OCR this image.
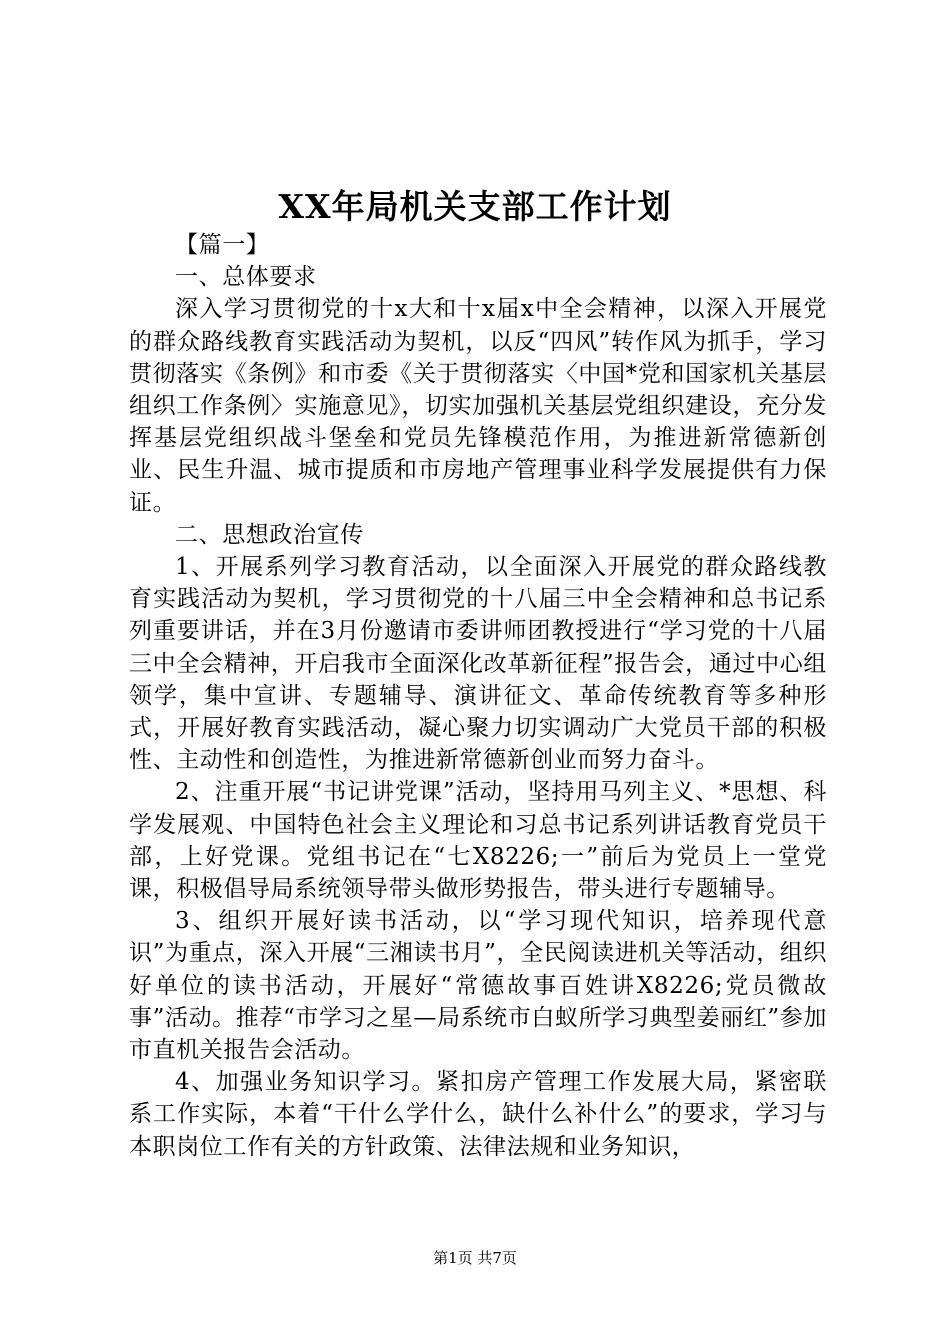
XX年局机关支部工作计划

【篇一】

一、总体要求

深入学习贯彻党的十x大和十x届x中全会精神，以深入开展党的群众路线教育实践活动为契机，以反“四风”转作风为抓手，学习贯彻落实《条例》和市委《关于贯彻落实〈中国*党和国家机关基层组织工作条例〉实施意见》，切实加强机关基层党组织建设，充分发挥基层党组织战斗堡垒和党员先锋模范作用，为推进新常德新创业、民生升温、城市提质和市房地产管理事业科学发展提供有力保证。

二、思想政治宣传

1、开展系列学习教育活动，以全面深入开展党的群众路线教育实践活动为契机，学习贯彻党的十八届三中全会精神和总书记系列重要讲话，并在3月份邀请市委讲师团教授进行“学习党的十八届三中全会精神，开启我市全面深化改革新征程”报告会，通过中心组领学，集中宣讲、专题辅导、演讲征文、革命传统教育等多种形式，开展好教育实践活动，凝心聚力切实调动广大党员干部的积极性、主动性和创造性，为推进新常德新创业而努力奋斗。

2、注重开展“书记讲党课”活动，坚持用马列主义、*思想、科学发展观、中国特色社会主义理论和习总书记系列讲话教育党员干部，上好党课。党组书记在“七X8226;一”前后为党员上一堂党课，积极倡导局系统领导带头做形势报告，带头进行专题辅导。

3、组织开展好读书活动，以“学习现代知识，培养现代意识”为重点，深入开展“三湘读书月”，全民阅读进机关等活动，组织好单位的读书活动，开展好“常德故事百姓讲X8226;党员微故事”活动。推荐“市学习之星—局系统市白蚁所学习典型姜丽红”参加市直机关报告会活动。

4、加强业务知识学习。紧扣房产管理工作发展大局，紧密联系工作实际，本着“干什么学什么，缺什么补什么”的要求，学习与本职岗位工作有关的方针政策、法律法规和业务知识，

第1页 共7页
